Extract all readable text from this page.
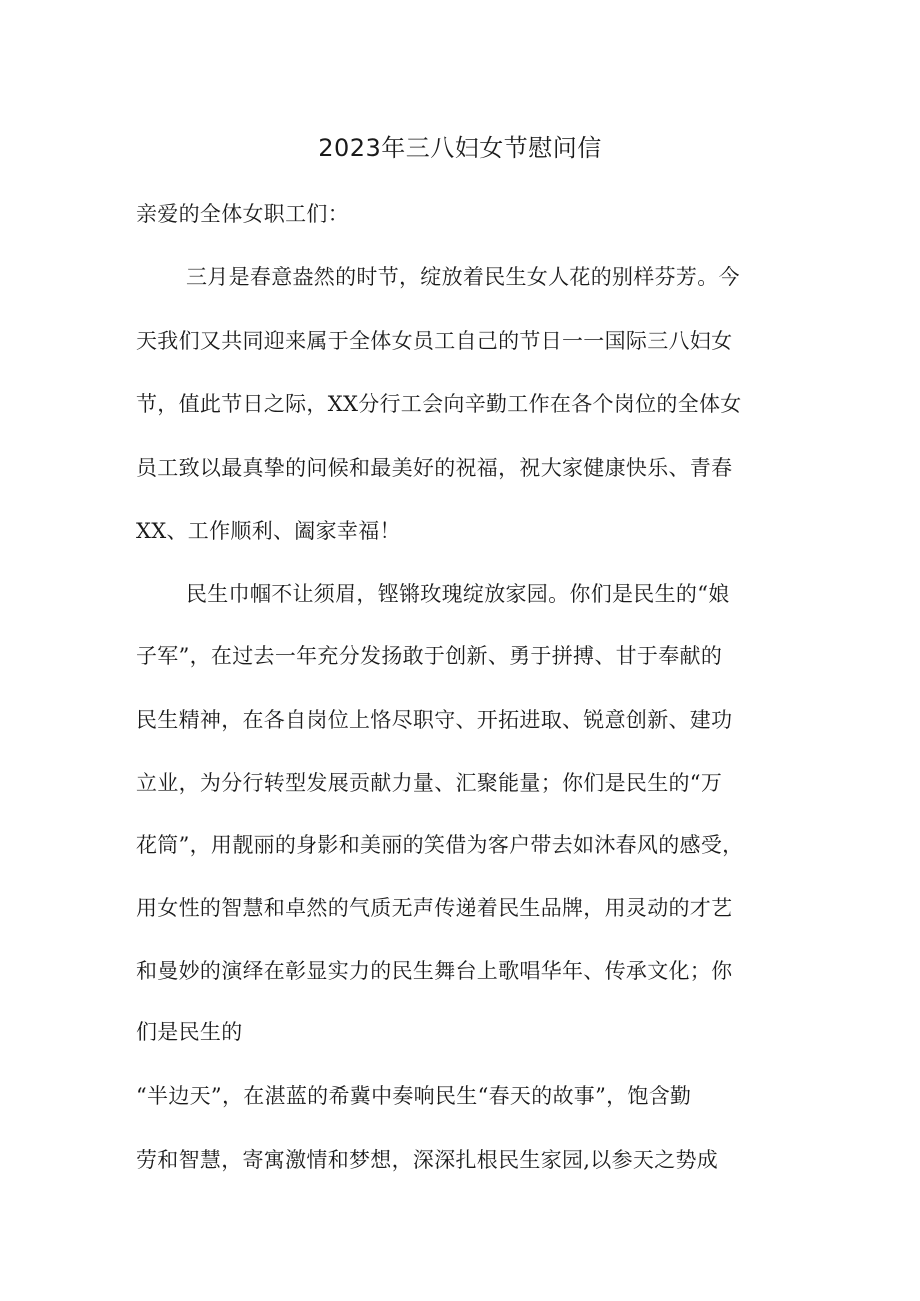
2023年三八妇女节慰问信
亲爱的全体女职工们：
三月是春意盎然的时节，绽放着民生女人花的别样芬芳。今
天我们又共同迎来属于全体女员工自己的节日一一国际三八妇女
节，值此节日之际，XX分行工会向辛勤工作在各个岗位的全体女
员工致以最真挚的问候和最美好的祝福，祝大家健康快乐、青春
XX、工作顺利、阖家幸福！
民生巾帼不让须眉，铿锵玫瑰绽放家园。你们是民生的“娘
子军”，在过去一年充分发扬敢于创新、勇于拼搏、甘于奉献的
民生精神，在各自岗位上恪尽职守、开拓进取、锐意创新、建功
立业，为分行转型发展贡献力量、汇聚能量；你们是民生的“万
花筒”，用靓丽的身影和美丽的笑借为客户带去如沐春风的感受，
用女性的智慧和卓然的气质无声传递着民生品牌，用灵动的才艺
和曼妙的演绎在彰显实力的民生舞台上歌唱华年、传承文化；你
们是民生的
“半边天”，在湛蓝的希冀中奏响民生“春天的故事”，饱含勤
劳和智慧，寄寓激情和梦想，深深扎根民生家园,以参天之势成
